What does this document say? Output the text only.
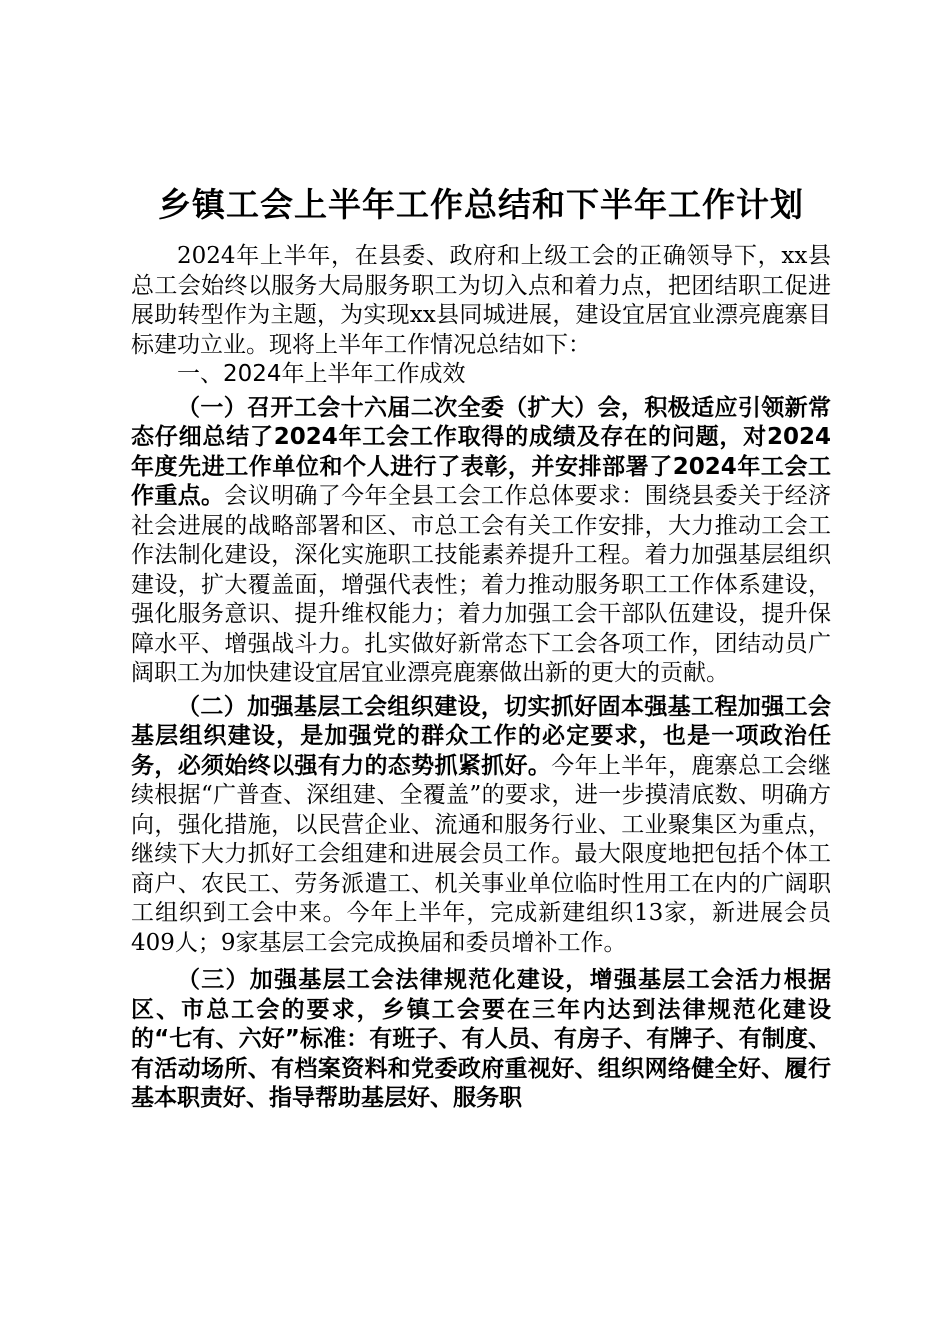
乡镇工会上半年工作总结和下半年工作计划

2024年上半年，在县委、政府和上级工会的正确领导下，xx县总工会始终以服务大局服务职工为切入点和着力点，把团结职工促进展助转型作为主题，为实现xx县同城进展，建设宜居宜业漂亮鹿寨目标建功立业。现将上半年工作情况总结如下：

一、2024年上半年工作成效

（一）召开工会十六届二次全委（扩大）会，积极适应引领新常态仔细总结了2024年工会工作取得的成绩及存在的问题，对2024年度先进工作单位和个人进行了表彰，并安排部署了2024年工会工作重点。会议明确了今年全县工会工作总体要求：围绕县委关于经济社会进展的战略部署和区、市总工会有关工作安排，大力推动工会工作法制化建设，深化实施职工技能素养提升工程。着力加强基层组织建设，扩大覆盖面，增强代表性；着力推动服务职工工作体系建设，强化服务意识、提升维权能力；着力加强工会干部队伍建设，提升保障水平、增强战斗力。扎实做好新常态下工会各项工作，团结动员广阔职工为加快建设宜居宜业漂亮鹿寨做出新的更大的贡献。

（二）加强基层工会组织建设，切实抓好固本强基工程加强工会基层组织建设，是加强党的群众工作的必定要求，也是一项政治任务，必须始终以强有力的态势抓紧抓好。今年上半年，鹿寨总工会继续根据“广普查、深组建、全覆盖”的要求，进一步摸清底数、明确方向，强化措施，以民营企业、流通和服务行业、工业聚集区为重点，继续下大力抓好工会组建和进展会员工作。最大限度地把包括个体工商户、农民工、劳务派遣工、机关事业单位临时性用工在内的广阔职工组织到工会中来。今年上半年，完成新建组织13家，新进展会员409人；9家基层工会完成换届和委员增补工作。

（三）加强基层工会法律规范化建设，增强基层工会活力根据区、市总工会的要求，乡镇工会要在三年内达到法律规范化建设的“七有、六好”标准：有班子、有人员、有房子、有牌子、有制度、有活动场所、有档案资料和党委政府重视好、组织网络健全好、履行基本职责好、指导帮助基层好、服务职
